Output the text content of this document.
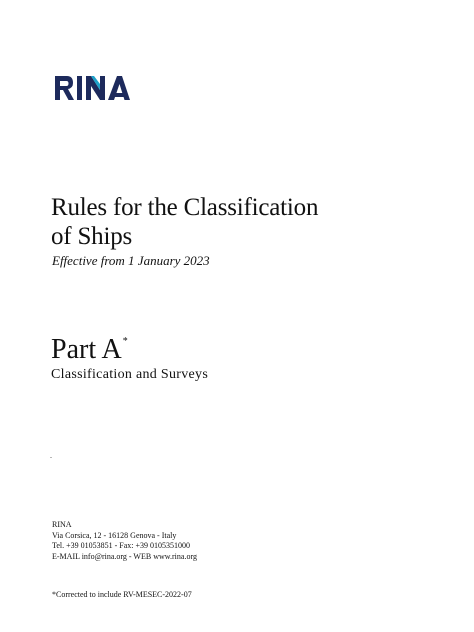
Rules for the Classification
of Ships
Effective from 1 January 2023
Part A*
Classification and Surveys
.
RINA
Via Corsica, 12 - 16128 Genova - Italy
Tel. +39 01053851 - Fax: +39 0105351000
E-MAIL info@rina.org - WEB www.rina.org
*Corrected to include RV-MESEC-2022-07
